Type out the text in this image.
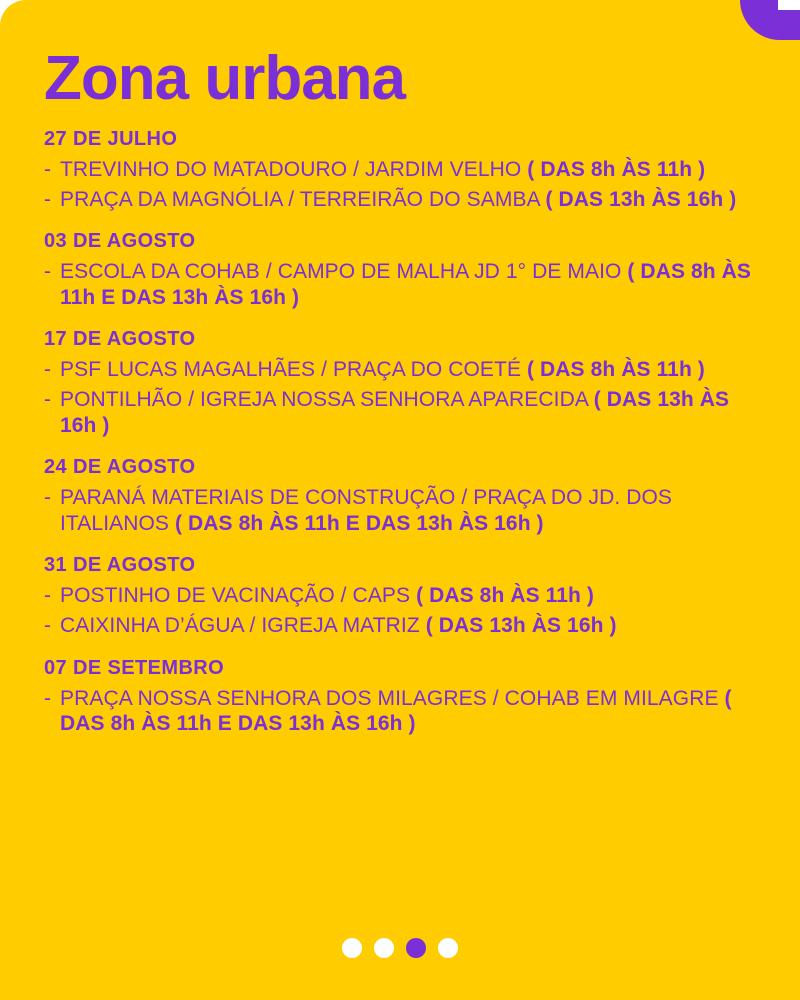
Zona urbana
27 DE JULHO
- TREVINHO DO MATADOURO / JARDIM VELHO ( DAS 8h ÀS 11h )
- PRAÇA DA MAGNÓLIA / TERREIRÃO DO SAMBA ( DAS 13h ÀS 16h )
03 DE AGOSTO
- ESCOLA DA COHAB / CAMPO DE MALHA JD 1° DE MAIO ( DAS 8h ÀS 11h E DAS 13h ÀS 16h )
17 DE AGOSTO
- PSF LUCAS MAGALHÃES / PRAÇA DO COETÉ ( DAS 8h ÀS 11h )
- PONTILHÃO / IGREJA NOSSA SENHORA APARECIDA ( DAS 13h ÀS 16h )
24 DE AGOSTO
- PARANÁ MATERIAIS DE CONSTRUÇÃO / PRAÇA DO JD. DOS ITALIANOS ( DAS 8h ÀS 11h E DAS 13h ÀS 16h )
31 DE AGOSTO
- POSTINHO DE VACINAÇÃO / CAPS ( DAS 8h ÀS 11h )
- CAIXINHA D’ÁGUA / IGREJA MATRIZ ( DAS 13h ÀS 16h )
07 DE SETEMBRO
- PRAÇA NOSSA SENHORA DOS MILAGRES / COHAB EM MILAGRE ( DAS 8h ÀS 11h E DAS 13h ÀS 16h )
